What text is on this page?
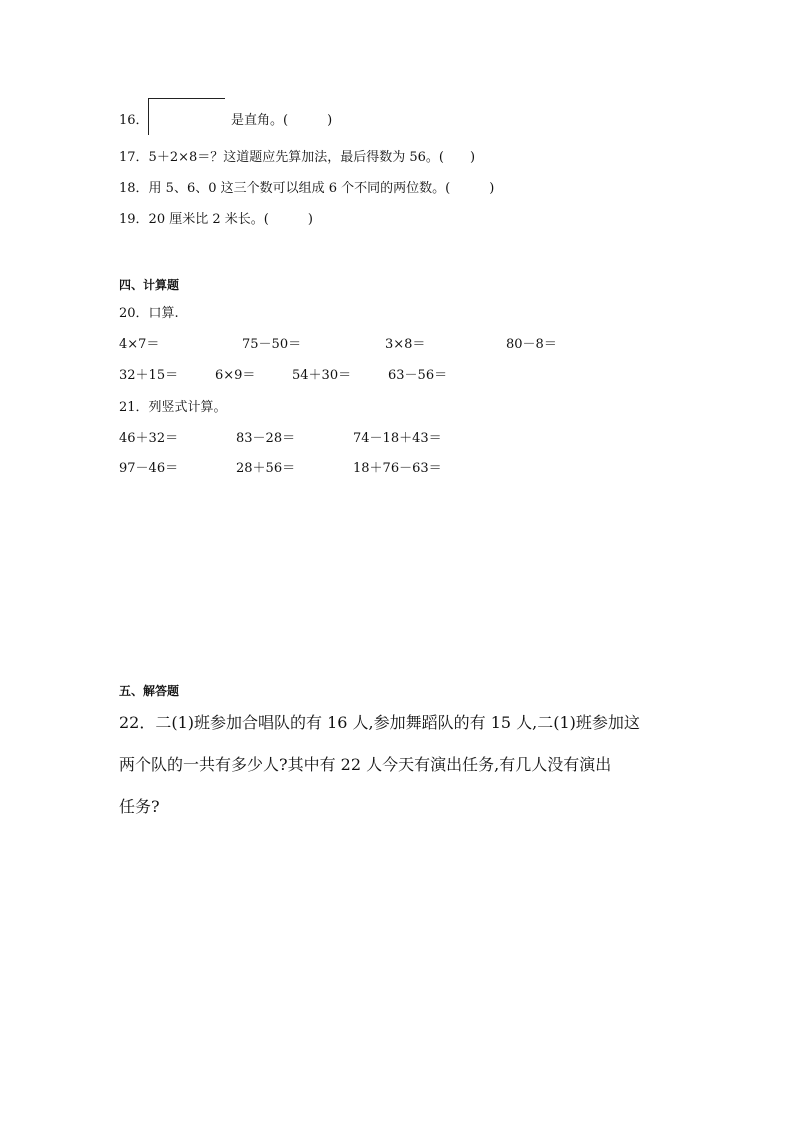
16．	是直角。(　　　)
17．5＋2×8＝？这道题应先算加法，最后得数为 56。(　　)
18．用 5、6、0 这三个数可以组成 6 个不同的两位数。(　　　)
19．20 厘米比 2 米长。(　　　)
四、计算题
20．口算.
4×7＝	75－50＝	3×8＝	80－8＝
32＋15＝	6×9＝	54＋30＝	63－56＝
21．列竖式计算。
46＋32＝	83－28＝	74－18＋43＝
97－46＝	28＋56＝	18＋76－63＝
五、解答题
22．二(1)班参加合唱队的有 16 人,参加舞蹈队的有 15 人,二(1)班参加这
两个队的一共有多少人?其中有 22 人今天有演出任务,有几人没有演出
任务?
